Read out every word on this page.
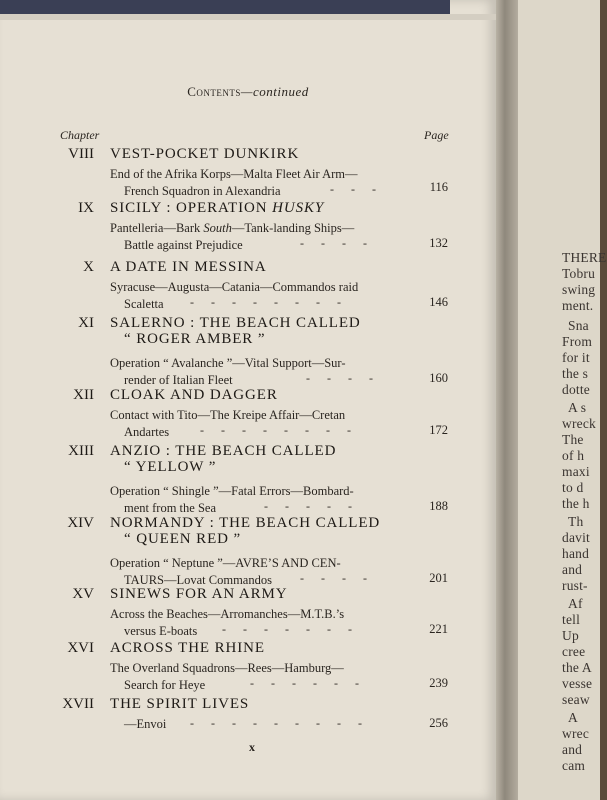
Contents—continued
Chapter	Page
VIII VEST-POCKET DUNKIRK
End of the Afrika Korps—Malta Fleet Air Arm—
French Squadron in Alexandria	-   -   -	116
IX SICILY : OPERATION HUSKY
Pantelleria—Bark South—Tank-landing Ships—
Battle against Prejudice	-   -   -   -	132
X A DATE IN MESSINA
Syracuse—Augusta—Catania—Commandos raid
Scaletta	-   -   -   -   -   -   -   -	146
XI SALERNO : THE BEACH CALLED
“ ROGER AMBER ”
Operation “ Avalanche ”—Vital Support—Sur-
render of Italian Fleet	-   -   -   -	160
XII CLOAK AND DAGGER
Contact with Tito—The Kreipe Affair—Cretan
Andartes	-   -   -   -   -   -   -   -	172
XIII ANZIO : THE BEACH CALLED
“ YELLOW ”
Operation “ Shingle ”—Fatal Errors—Bombard-
ment from the Sea	-   -   -   -   -	188
XIV NORMANDY : THE BEACH CALLED
“ QUEEN RED ”
Operation “ Neptune ”—AVRE’S AND CEN-
TAURS—Lovat Commandos	-   -   -   -	201
XV SINEWS FOR AN ARMY
Across the Beaches—Arromanches—M.T.B.’s
versus E-boats	-   -   -   -   -   -   -	221
XVI ACROSS THE RHINE
The Overland Squadrons—Rees—Hamburg—
Search for Heye	-   -   -   -   -   -	239
XVII THE SPIRIT LIVES
—Envoi	-   -   -   -   -   -   -   -   -	256
x
THERE
Tobru
swing
ment.
Sna
From
for it
the s
dotte
A s
wreck
The
of h
maxi
to d
the h
Th
davit
hand
and
rust-
Af
tell
Up
cree
the A
vesse
seaw
A
wrec
and
cam
